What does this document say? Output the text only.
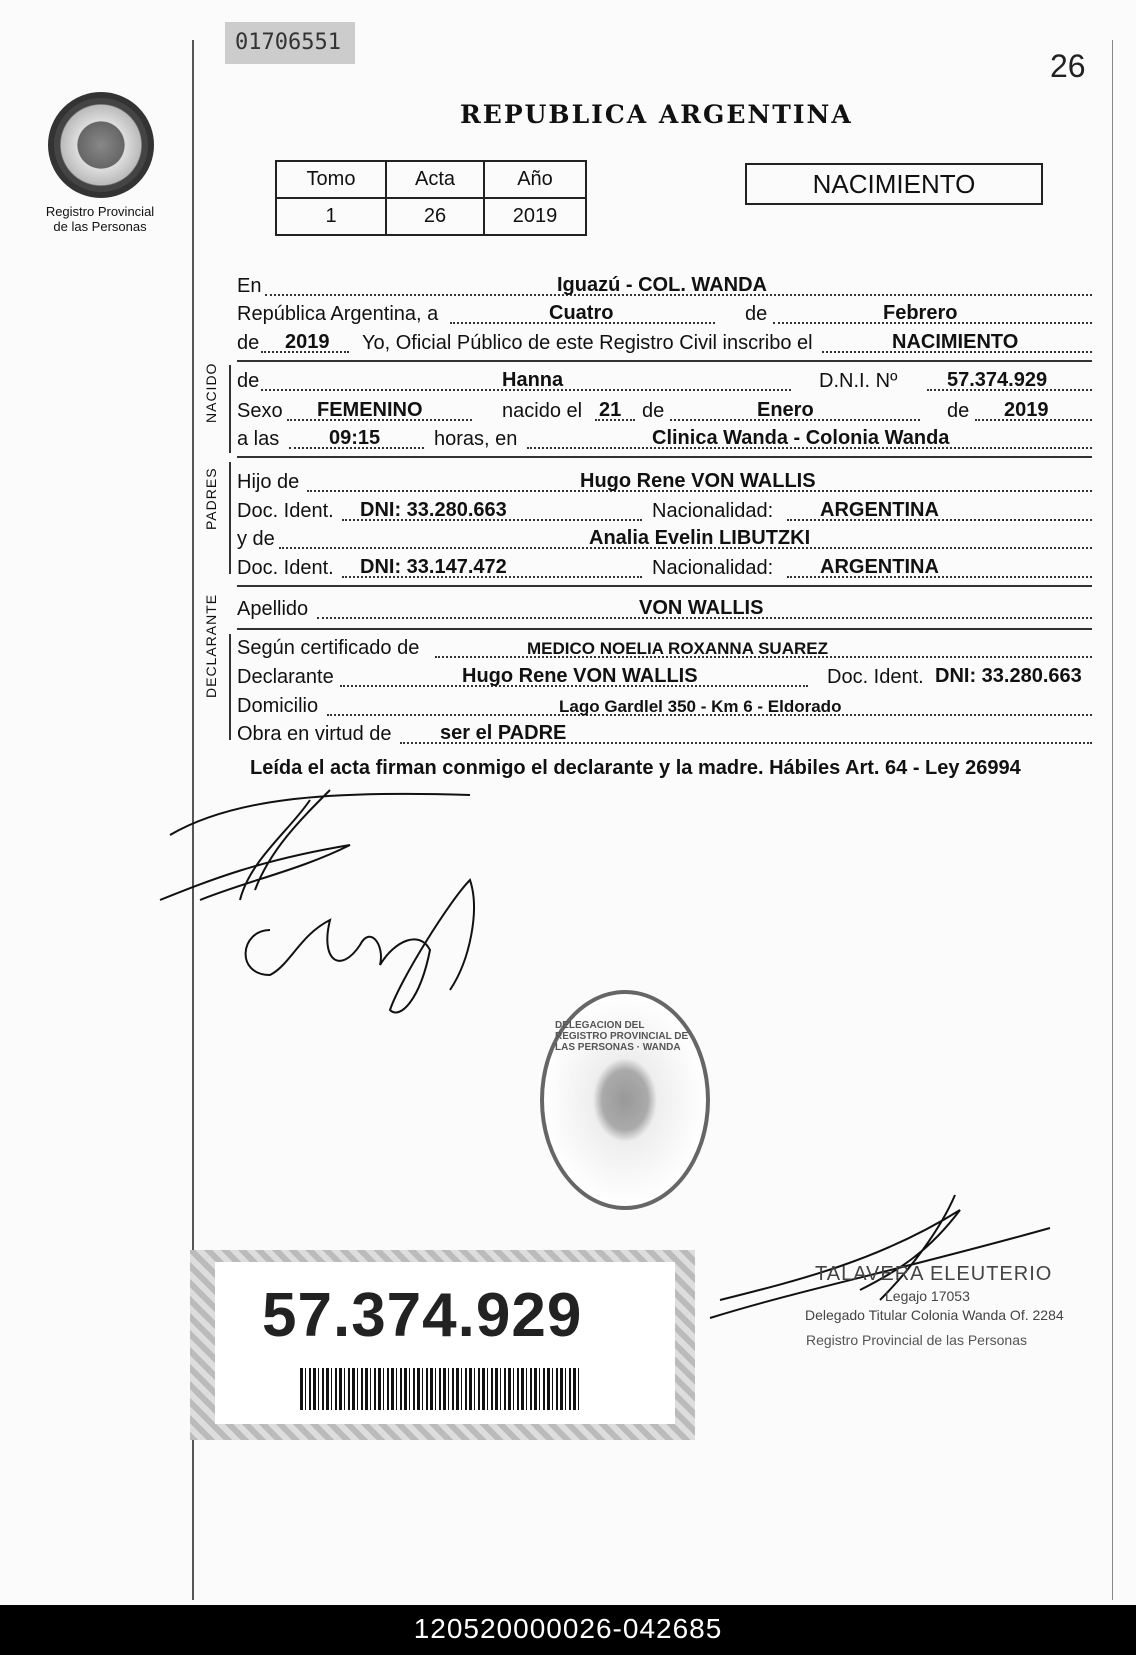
01706551
26
REPUBLICA ARGENTINA
Registro Provincial
de las Personas
Tomo	Acta	Año
1	26	2019
NACIMIENTO
En	Iguazú - COL. WANDA
República Argentina, a	Cuatro	de	Febrero
de 2019 Yo, Oficial Público de este Registro Civil inscribo el	NACIMIENTO
NACIDO de	Hanna	D.N.I. Nº 57.374.929
Sexo FEMENINO	nacido el 21 de	Enero	de 2019
a las 09:15	horas, en	Clinica Wanda - Colonia Wanda
PADRES Hijo de	Hugo Rene VON WALLIS
Doc. Ident. DNI: 33.280.663	Nacionalidad: ARGENTINA
y de	Analia Evelin LIBUTZKI
Doc. Ident. DNI: 33.147.472	Nacionalidad: ARGENTINA
Apellido	VON WALLIS
DECLARANTE Según certificado de	MEDICO NOELIA ROXANNA SUAREZ
Declarante	Hugo Rene VON WALLIS	Doc. Ident. DNI: 33.280.663
Domicilio	Lago Gardlel 350 - Km 6 - Eldorado
Obra en virtud de ser el PADRE
Leída el acta firman conmigo el declarante y la madre. Hábiles Art. 64 - Ley 26994
DELEGACION DEL REGISTRO PROVINCIAL DE LAS PERSONAS · WANDA
57.374.929
TALAVERA ELEUTERIO
Legajo 17053
Delegado Titular Colonia Wanda Of. 2284
Registro Provincial de las Personas
120520000026-042685
